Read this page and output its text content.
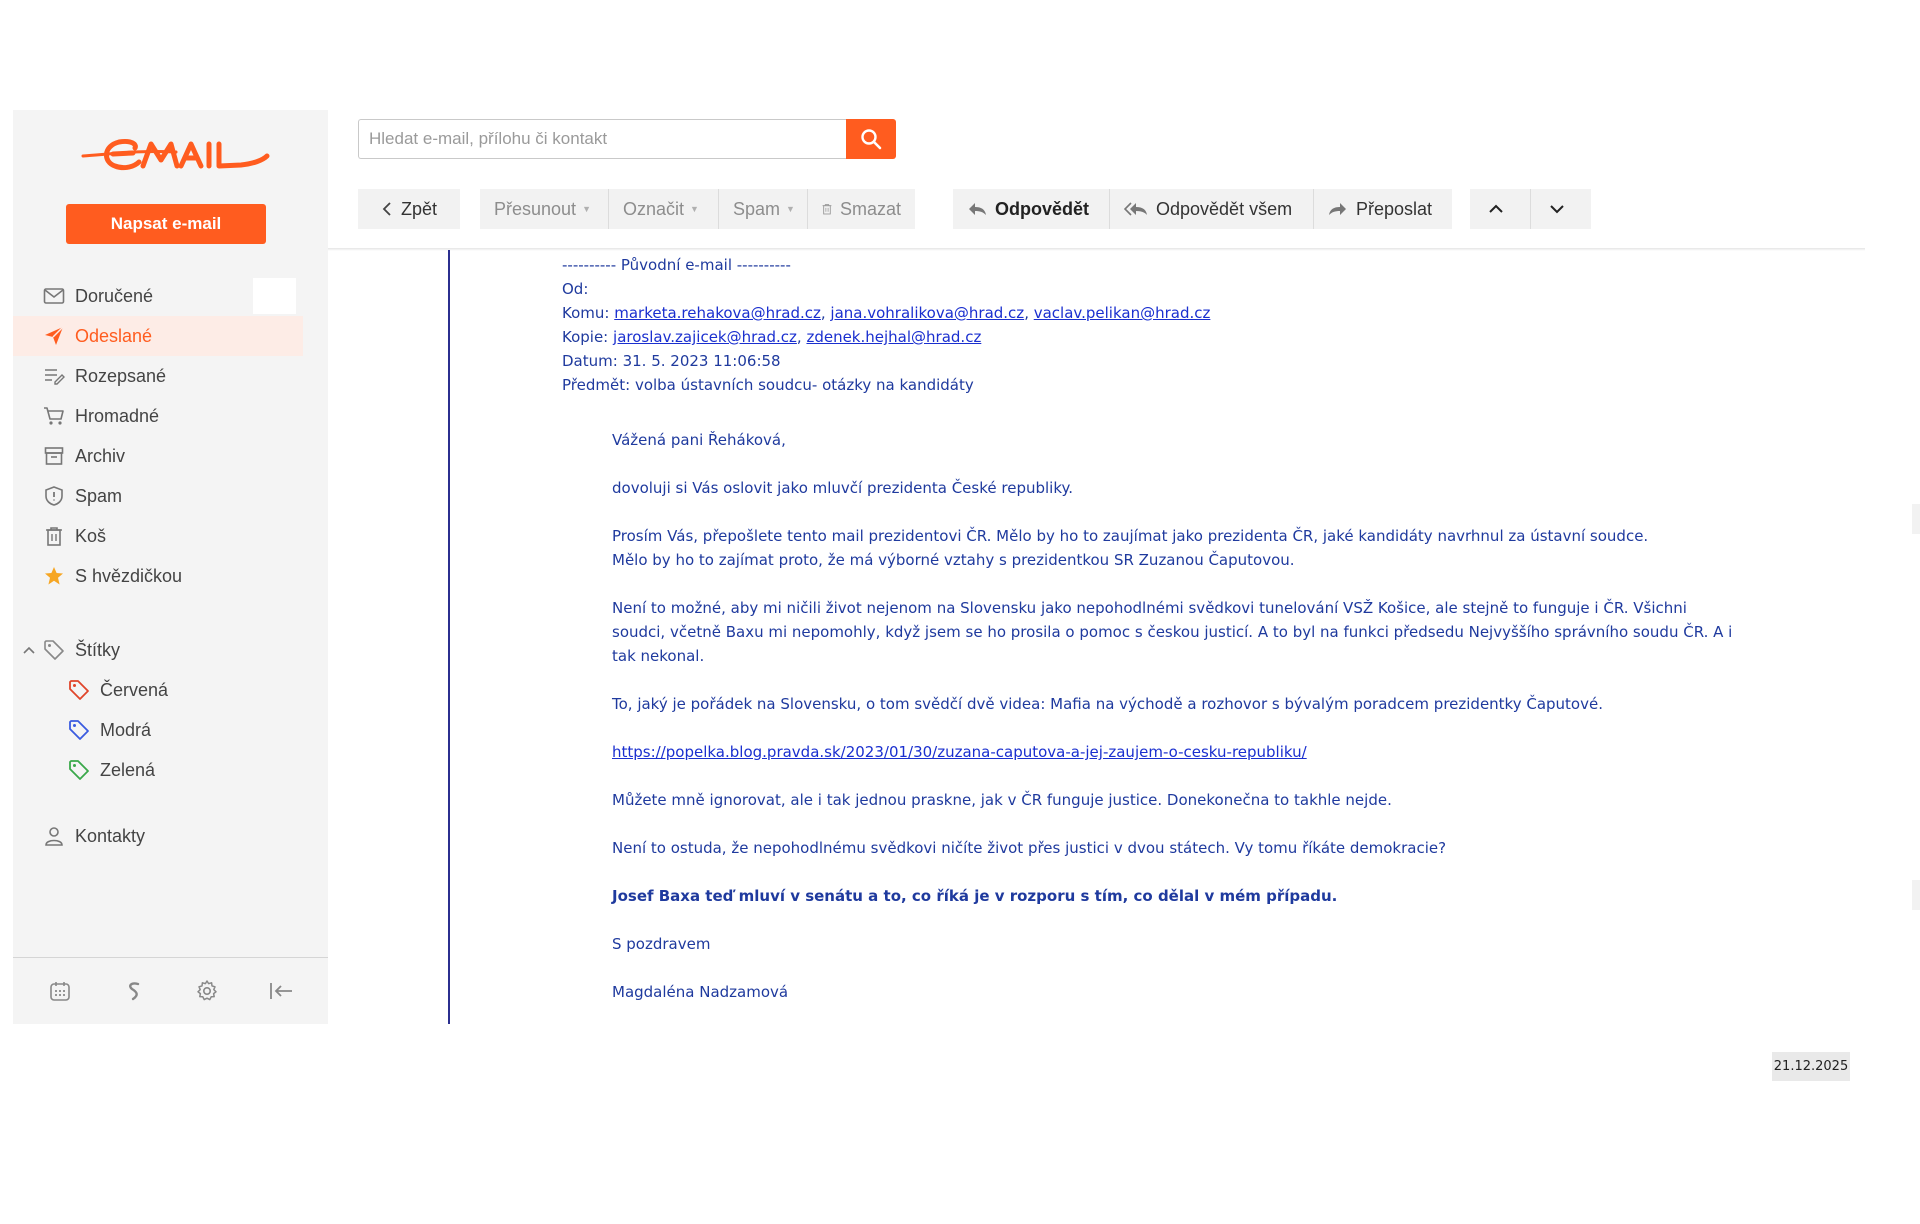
Napsat e-mail
Doručené
Odeslané
Rozepsané
Hromadné
Archiv
Spam
Koš
S hvězdičkou
Štítky
Červená
Modrá
Zelená
Kontakty
Hledat e-mail, přílohu či kontakt
Zpět	Přesunout ▼ Označit ▼ Spam ▼	Smazat	Odpovědět	Odpovědět všem	Přeposlat
---------- Původní e-mail ----------
Od:
Komu: marketa.rehakova@hrad.cz, jana.vohralikova@hrad.cz, vaclav.pelikan@hrad.cz
Kopie: jaroslav.zajicek@hrad.cz, zdenek.hejhal@hrad.cz
Datum: 31. 5. 2023 11:06:58
Předmět: volba ústavních soudcu- otázky na kandidáty

Vážená pani Řeháková,

dovoluji si Vás oslovit jako mluvčí prezidenta České republiky.

Prosím Vás, přepošlete tento mail prezidentovi ČR. Mělo by ho to zaujímat jako prezidenta ČR, jaké kandidáty navrhnul za ústavní soudce.
Mělo by ho to zajímat proto, že má výborné vztahy s prezidentkou SR Zuzanou Čaputovou.

Není to možné, aby mi ničili život nejenom na Slovensku jako nepohodlnémi svědkovi tunelování VSŽ Košice, ale stejně to funguje i ČR. Všichni soudci, včetně Baxu mi nepomohly, když jsem se ho prosila o pomoc s českou justicí. A to byl na funkci předsedu Nejvyššího správního soudu ČR. A i tak nekonal.

To, jaký je pořádek na Slovensku, o tom svědčí dvě videa: Mafia na východě a rozhovor s bývalým poradcem prezidentky Čaputové.

https://popelka.blog.pravda.sk/2023/01/30/zuzana-caputova-a-jej-zaujem-o-cesku-republiku/

Můžete mně ignorovat, ale i tak jednou praskne, jak v ČR funguje justice. Donekonečna to takhle nejde.

Není to ostuda, že nepohodlnému svědkovi ničíte život přes justici v dvou státech. Vy tomu říkáte demokracie?

Josef Baxa teď mluví v senátu a to, co říká je v rozporu s tím, co dělal v mém případu.

S pozdravem

Magdaléna Nadzamová

21.12.2025
